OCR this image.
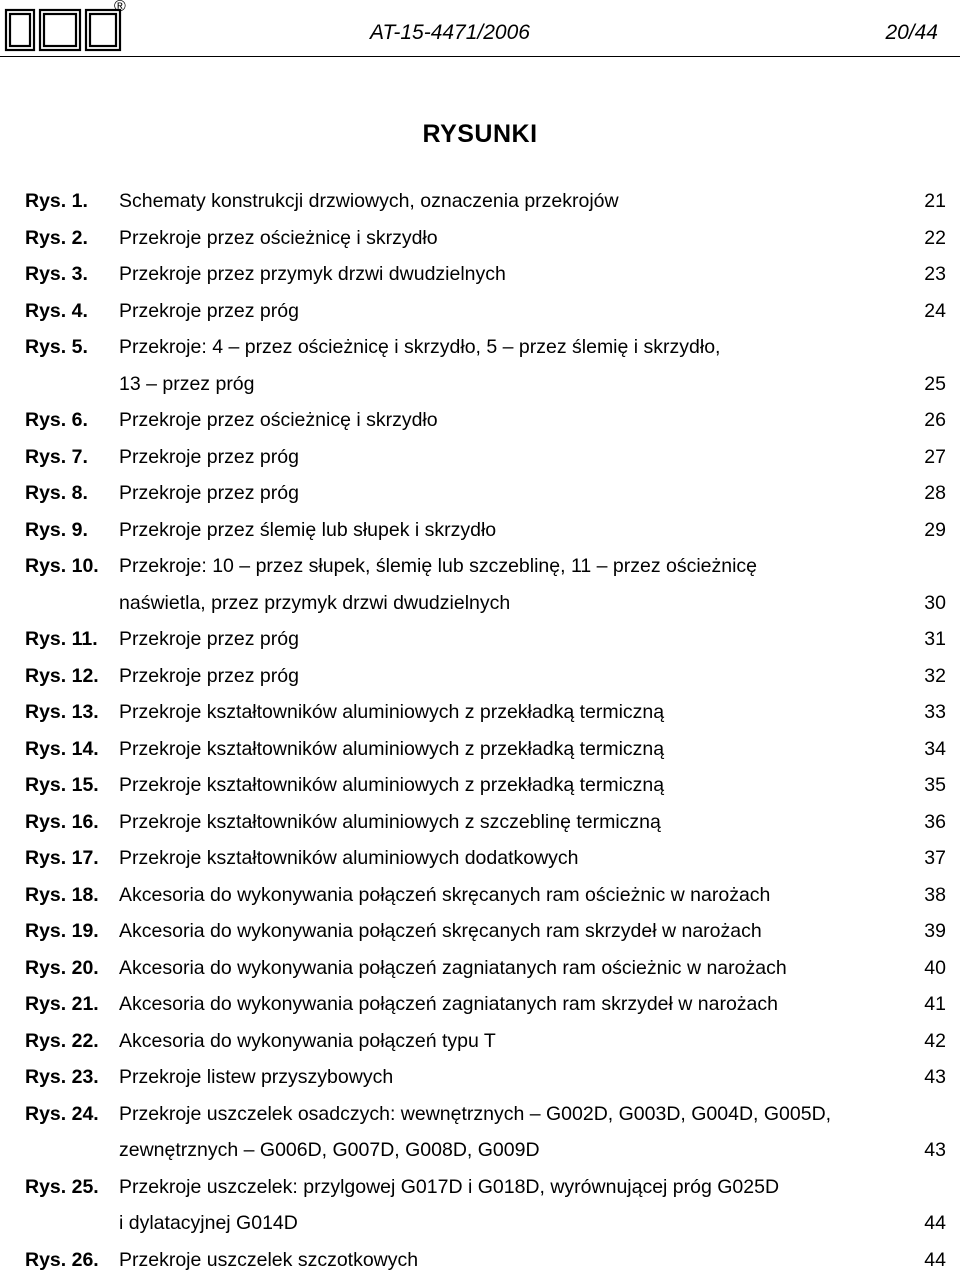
®
AT-15-4471/2006	20/44
RYSUNKI
Rys. 1. Schematy konstrukcji drzwiowych, oznaczenia przekrojów .....	21
Rys. 2. Przekroje przez ościeżnicę i skrzydło .....	22
Rys. 3. Przekroje przez przymyk drzwi dwudzielnych .....	23
Rys. 4. Przekroje przez próg .....	24
Rys. 5. Przekroje: 4 – przez ościeżnicę i skrzydło, 5 – przez ślemię i skrzydło,
13 – przez próg .....	25
Rys. 6. Przekroje przez ościeżnicę i skrzydło .....	26
Rys. 7. Przekroje przez próg .....	27
Rys. 8. Przekroje przez próg .....	28
Rys. 9. Przekroje przez ślemię lub słupek i skrzydło .....	29
Rys. 10. Przekroje: 10 – przez słupek, ślemię lub szczeblinę, 11 – przez ościeżnicę
naświetla, przez przymyk drzwi dwudzielnych .....	30
Rys. 11. Przekroje przez próg .....	31
Rys. 12. Przekroje przez próg .....	32
Rys. 13. Przekroje kształtowników aluminiowych z przekładką termiczną .....	33
Rys. 14. Przekroje kształtowników aluminiowych z przekładką termiczną .....	34
Rys. 15. Przekroje kształtowników aluminiowych z przekładką termiczną .....	35
Rys. 16. Przekroje kształtowników aluminiowych z szczeblinę termiczną .....	36
Rys. 17. Przekroje kształtowników aluminiowych dodatkowych .....	37
Rys. 18. Akcesoria do wykonywania połączeń skręcanych ram ościeżnic w narożach .....	38
Rys. 19. Akcesoria do wykonywania połączeń skręcanych ram skrzydeł w narożach .....	39
Rys. 20. Akcesoria do wykonywania połączeń zagniatanych ram ościeżnic w narożach .....	40
Rys. 21. Akcesoria do wykonywania połączeń zagniatanych ram skrzydeł w narożach .....	41
Rys. 22. Akcesoria do wykonywania połączeń typu T .....	42
Rys. 23. Przekroje listew przyszybowych .....	43
Rys. 24. Przekroje uszczelek osadczych: wewnętrznych – G002D, G003D, G004D, G005D,
zewnętrznych – G006D, G007D, G008D, G009D .....	43
Rys. 25. Przekroje uszczelek: przylgowej G017D i G018D, wyrównującej próg G025D
i dylatacyjnej G014D .....	44
Rys. 26. Przekroje uszczelek szczotkowych .....	44
